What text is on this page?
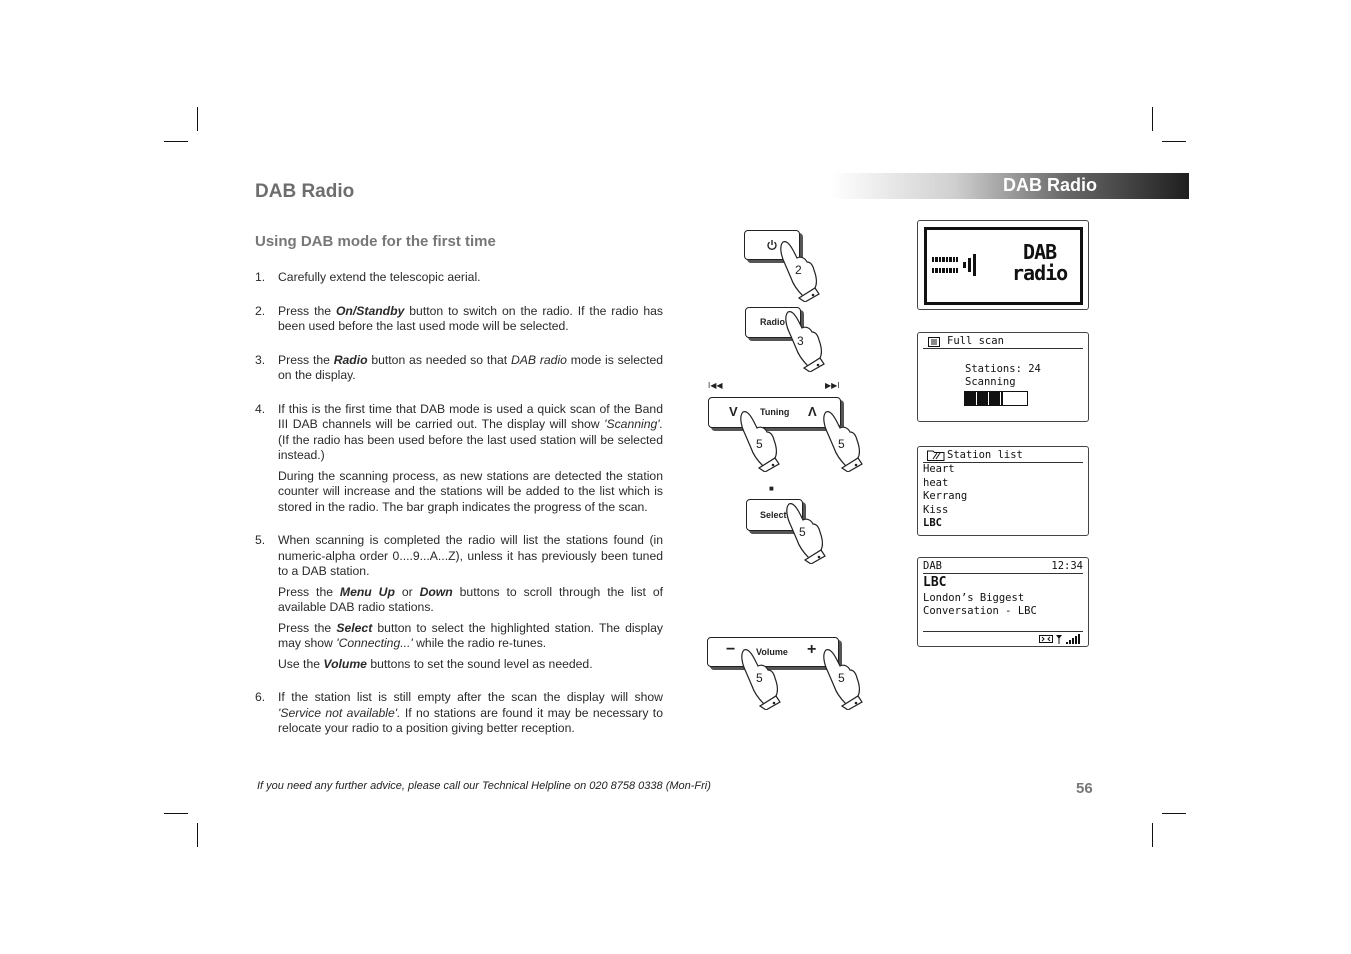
DAB Radio
DAB Radio
Using DAB mode for the first time
1. Carefully extend the telescopic aerial.

2. Press the On/Standby button to switch on the radio. If the radio has been used before the last used mode will be selected.

3. Press the Radio button as needed so that DAB radio mode is selected on the display.

4. If this is the first time that DAB mode is used a quick scan of the Band III DAB channels will be carried out. The display will show 'Scanning'. (If the radio has been used before the last used station will be selected instead.)

During the scanning process, as new stations are detected the station counter will increase and the stations will be added to the list which is stored in the radio. The bar graph indicates the progress of the scan.

5. When scanning is completed the radio will list the stations found (in numeric-alpha order 0....9...A...Z), unless it has previously been tuned to a DAB station.

Press the Menu Up or Down buttons to scroll through the list of available DAB radio stations.

Press the Select button to select the highlighted station. The display may show 'Connecting...' while the radio re-tunes.

Use the Volume buttons to set the sound level as needed.

6. If the station list is still empty after the scan the display will show 'Service not available'. If no stations are found it may be necessary to relocate your radio to a position giving better reception.

2
Radio
3
I◀◀	▶▶I
V Tuning Λ
5	5
■
Select
5
− Volume +
5	5
DAB
radio
Full scan
Stations: 24
Scanning
Station list
Heart
heat
Kerrang
Kiss
LBC
DAB	12:34
LBC
London’s Biggest
Conversation - LBC
If you need any further advice, please call our Technical Helpline on 020 8758 0338 (Mon-Fri)	56
